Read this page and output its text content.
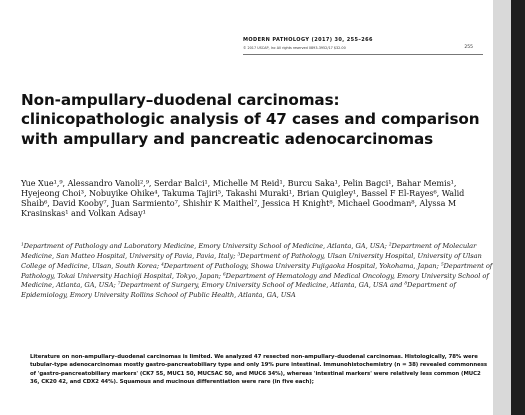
MODERN PATHOLOGY (2017) 30, 255–266
© 2017 USCAP, Inc All rights reserved 0893-3952/17 $32.00	255
Non-ampullary–duodenal carcinomas: clinicopathologic analysis of 47 cases and comparison with ampullary and pancreatic adenocarcinomas
Yue Xue¹,⁹, Alessandro Vanoli²,⁹, Serdar Balci¹, Michelle M Reid¹, Burcu Saka¹, Pelin Bagci¹, Bahar Memis¹, Hyejeong Choi³, Nobuyike Ohike⁴, Takuma Tajiri⁵, Takashi Muraki¹, Brian Quigley¹, Bassel F El-Rayes⁶, Walid Shaib⁶, David Kooby⁷, Juan Sarmiento⁷, Shishir K Maithel⁷, Jessica H Knight⁸, Michael Goodman⁸, Alyssa M Krasinskas¹ and Volkan Adsay¹
¹Department of Pathology and Laboratory Medicine, Emory University School of Medicine, Atlanta, GA, USA; ²Department of Molecular Medicine, San Matteo Hospital, University of Pavia, Pavia, Italy; ³Department of Pathology, Ulsan University Hospital, University of Ulsan College of Medicine, Ulsan, South Korea; ⁴Department of Pathology, Showa University Fujigaoka Hospital, Yokohama, Japan; ⁵Department of Pathology, Tokai University Hachioji Hospital, Tokyo, Japan; ⁶Department of Hematology and Medical Oncology, Emory University School of Medicine, Atlanta, GA, USA; ⁷Department of Surgery, Emory University School of Medicine, Atlanta, GA, USA and ⁸Department of Epidemiology, Emory University Rollins School of Public Health, Atlanta, GA, USA
Literature on non-ampullary–duodenal carcinomas is limited. We analyzed 47 resected non-ampullary–duodenal carcinomas. Histologically, 78% were tubular-type adenocarcinomas mostly gastro-pancreatobiliary type and only 19% pure intestinal. Immunohistochemistry (n = 38) revealed commonness of 'gastro-pancreatobiliary markers' (CK7 55, MUC1 50, MUC5AC 50, and MUC6 34%), whereas 'intestinal markers' were relatively less common (MUC2 36, CK20 42, and CDX2 44%). Squamous and mucinous differentiation were rare (in five each);
